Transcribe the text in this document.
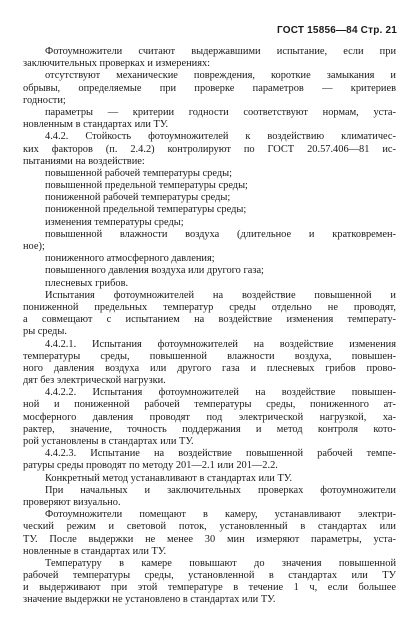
ГОСТ 15856—84 Стр. 21
Фотоумножители считают выдержавшими испытание, если при
заключительных проверках и измерениях:
отсутствуют механические повреждения, короткие замыкания и
обрывы, определяемые при проверке параметров — критериев
годности;
параметры — критерии годности соответствуют нормам, уста-
новленным в стандартах или ТУ.
4.4.2. Стойкость фотоумножителей к воздействию климатичес-
ких факторов (п. 2.4.2) контролируют по ГОСТ 20.57.406—81 ис-
пытаниями на воздействие:
повышенной рабочей температуры среды;
повышенной предельной температуры среды;
пониженной рабочей температуры среды;
пониженной предельной температуры среды;
изменения температуры среды;
повышенной влажности воздуха (длительное и кратковремен-
ное);
пониженного атмосферного давления;
повышенного давления воздуха или другого газа;
плесневых грибов.
Испытания фотоумножителей на воздействие повышенной и
пониженной предельных температур среды отдельно не проводят,
а совмещают с испытанием на воздействие изменения температу-
ры среды.
4.4.2.1. Испытания фотоумножителей на воздействие изменения
температуры среды, повышенной влажности воздуха, повышен-
ного давления воздуха или другого газа и плесневых грибов прово-
дят без электрической нагрузки.
4.4.2.2. Испытания фотоумножителей на воздействие повышен-
ной и пониженной рабочей температуры среды, пониженного ат-
мосферного давления проводят под электрической нагрузкой, ха-
рактер, значение, точность поддержания и метод контроля кото-
рой установлены в стандартах или ТУ.
4.4.2.3. Испытание на воздействие повышенной рабочей темпе-
ратуры среды проводят по методу 201—2.1 или 201—2.2.
Конкретный метод устанавливают в стандартах или ТУ.
При начальных и заключительных проверках фотоумножители
проверяют визуально.
Фотоумножители помещают в камеру, устанавливают электри-
ческий режим и световой поток, установленный в стандартах или
ТУ. После выдержки не менее 30 мин измеряют параметры, уста-
новленные в стандартах или ТУ.
Температуру в камере повышают до значения повышенной
рабочей температуры среды, установленной в стандартах или ТУ
и выдерживают при этой температуре в течение 1 ч, если большее
значение выдержки не установлено в стандартах или ТУ.
